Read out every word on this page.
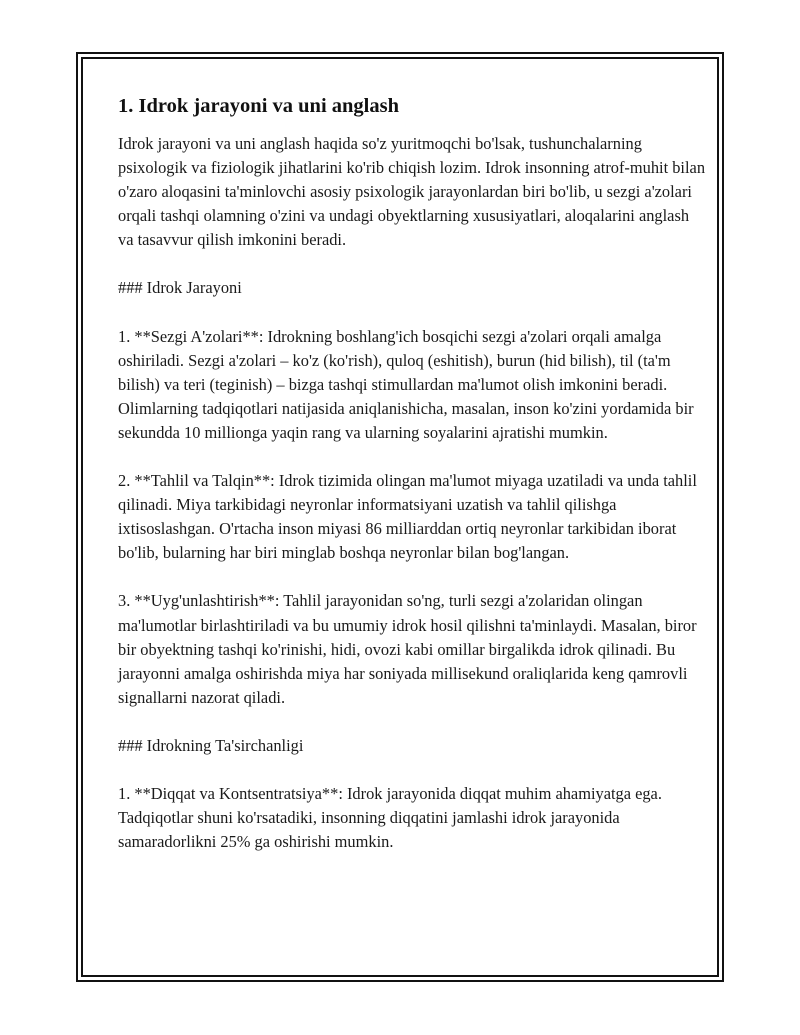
1. Idrok jarayoni va uni anglash

Idrok jarayoni va uni anglash haqida so'z yuritmoqchi bo'lsak, tushunchalarning psixologik va fiziologik jihatlarini ko'rib chiqish lozim. Idrok insonning atrof-muhit bilan o'zaro aloqasini ta'minlovchi asosiy psixologik jarayonlardan biri bo'lib, u sezgi a'zolari orqali tashqi olamning o'zini va undagi obyektlarning xususiyatlari, aloqalarini anglash va tasavvur qilish imkonini beradi.

### Idrok Jarayoni

1. **Sezgi A'zolari**: Idrokning boshlang'ich bosqichi sezgi a'zolari orqali amalga oshiriladi. Sezgi a'zolari – ko'z (ko'rish), quloq (eshitish), burun (hid bilish), til (ta'm bilish) va teri (teginish) – bizga tashqi stimullardan ma'lumot olish imkonini beradi. Olimlarning tadqiqotlari natijasida aniqlanishicha, masalan, inson ko'zini yordamida bir sekundda 10 millionga yaqin rang va ularning soyalarini ajratishi mumkin.

2. **Tahlil va Talqin**: Idrok tizimida olingan ma'lumot miyaga uzatiladi va unda tahlil qilinadi. Miya tarkibidagi neyronlar informatsiyani uzatish va tahlil qilishga ixtisoslashgan. O'rtacha inson miyasi 86 milliarddan ortiq neyronlar tarkibidan iborat bo'lib, bularning har biri minglab boshqa neyronlar bilan bog'langan.

3. **Uyg'unlashtirish**: Tahlil jarayonidan so'ng, turli sezgi a'zolaridan olingan ma'lumotlar birlashtiriladi va bu umumiy idrok hosil qilishni ta'minlaydi. Masalan, biror bir obyektning tashqi ko'rinishi, hidi, ovozi kabi omillar birgalikda idrok qilinadi. Bu jarayonni amalga oshirishda miya har soniyada millisekund oraliqlarida keng qamrovli signallarni nazorat qiladi.

### Idrokning Ta'sirchanligi

1. **Diqqat va Kontsentratsiya**: Idrok jarayonida diqqat muhim ahamiyatga ega. Tadqiqotlar shuni ko'rsatadiki, insonning diqqatini jamlashi idrok jarayonida samaradorlikni 25% ga oshirishi mumkin.
